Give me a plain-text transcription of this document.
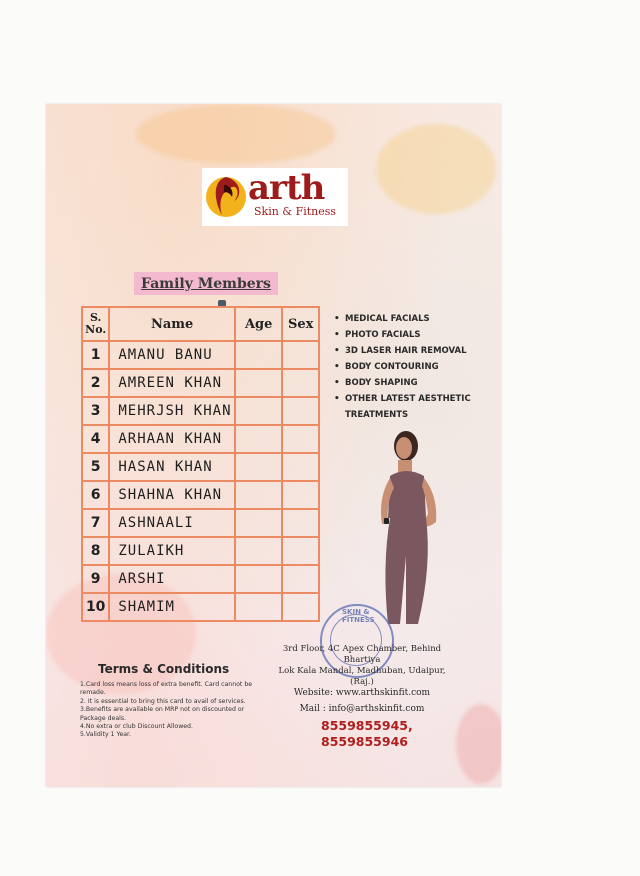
arth
Skin & Fitness
Family Members
S. No.	Name	Age	Sex
1	AMANU BANU		
2	AMREEN KHAN		
3	MEHRJSH KHAN		
4	ARHAAN KHAN		
5	HASAN KHAN		
6	SHAHNA KHAN		
7	ASHNAALI		
8	ZULAIKH		
9	ARSHI		
10	SHAMIM		
• MEDICAL FACIALS
• PHOTO FACIALS
• 3D LASER HAIR REMOVAL
• BODY CONTOURING
• BODY SHAPING
• OTHER LATEST AESTHETIC TREATMENTS
SKIN & FITNESS
3rd Floor, 4C Apex Chamber, Behind
Bhartiya
Lok Kala Mandal, Madhuban, Udaipur,
(Raj.)
Website: www.arthskinfit.com
Mail : info@arthskinfit.com
8559855945,
8559855946
Terms & Conditions
1.Card loss means loss of extra benefit. Card cannot be remade.
2. It is essential to bring this card to avail of services.
3.Benefits are available on MRP not on discounted or Package deals.
4.No extra or club Discount Allowed.
5.Validity 1 Year.
